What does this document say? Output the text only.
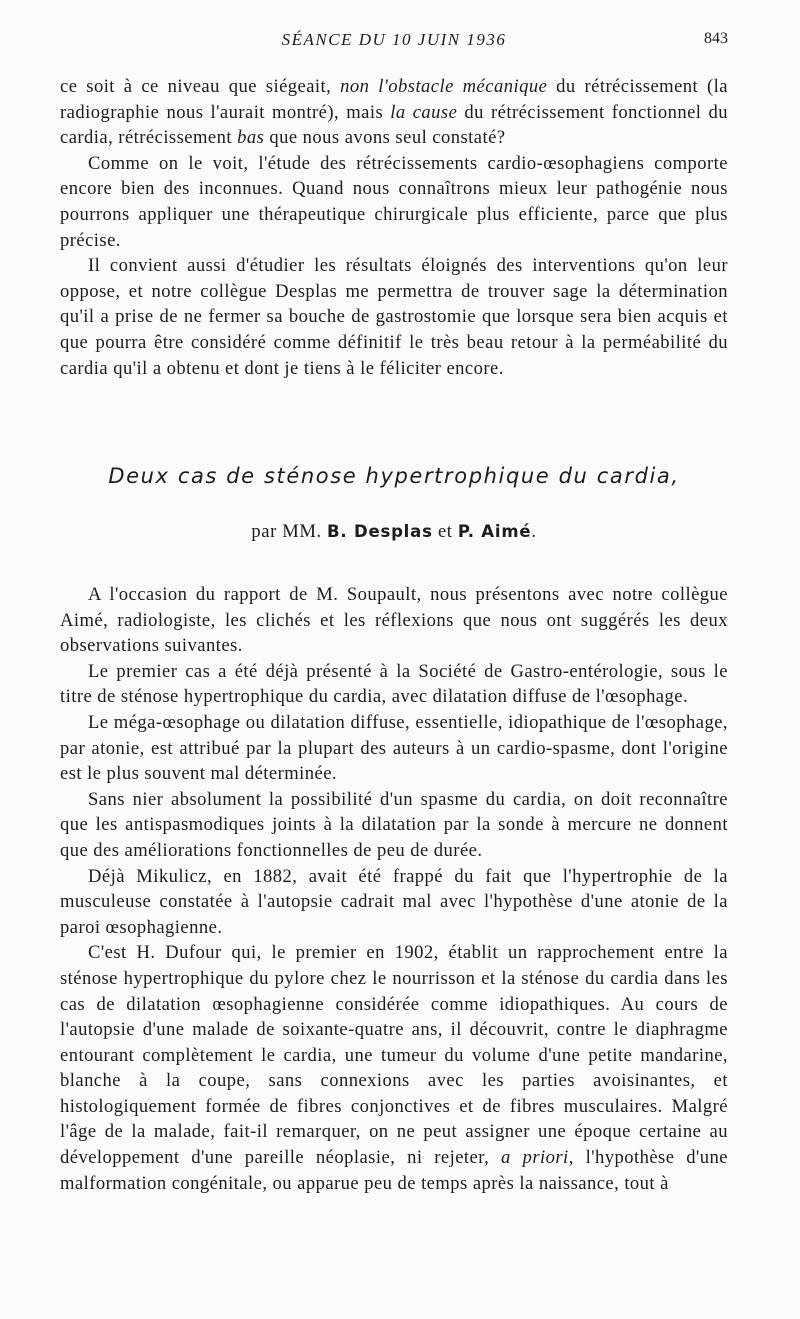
SÉANCE DU 10 JUIN 1936	843

ce soit à ce niveau que siégeait, non l'obstacle mécanique du rétrécissement (la radiographie nous l'aurait montré), mais la cause du rétrécissement fonctionnel du cardia, rétrécissement bas que nous avons seul constaté?

Comme on le voit, l'étude des rétrécissements cardio-œsophagiens comporte encore bien des inconnues. Quand nous connaîtrons mieux leur pathogénie nous pourrons appliquer une thérapeutique chirurgicale plus efficiente, parce que plus précise.

Il convient aussi d'étudier les résultats éloignés des interventions qu'on leur oppose, et notre collègue Desplas me permettra de trouver sage la détermination qu'il a prise de ne fermer sa bouche de gastrostomie que lorsque sera bien acquis et que pourra être considéré comme définitif le très beau retour à la perméabilité du cardia qu'il a obtenu et dont je tiens à le féliciter encore.

Deux cas de sténose hypertrophique du cardia,
par MM. B. Desplas et P. Aimé.

A l'occasion du rapport de M. Soupault, nous présentons avec notre collègue Aimé, radiologiste, les clichés et les réflexions que nous ont suggérés les deux observations suivantes.

Le premier cas a été déjà présenté à la Société de Gastro-entérologie, sous le titre de sténose hypertrophique du cardia, avec dilatation diffuse de l'œsophage.

Le méga-œsophage ou dilatation diffuse, essentielle, idiopathique de l'œsophage, par atonie, est attribué par la plupart des auteurs à un cardio-spasme, dont l'origine est le plus souvent mal déterminée.

Sans nier absolument la possibilité d'un spasme du cardia, on doit reconnaître que les antispasmodiques joints à la dilatation par la sonde à mercure ne donnent que des améliorations fonctionnelles de peu de durée.

Déjà Mikulicz, en 1882, avait été frappé du fait que l'hypertrophie de la musculeuse constatée à l'autopsie cadrait mal avec l'hypothèse d'une atonie de la paroi œsophagienne.

C'est H. Dufour qui, le premier en 1902, établit un rapprochement entre la sténose hypertrophique du pylore chez le nourrisson et la sténose du cardia dans les cas de dilatation œsophagienne considérée comme idiopathiques. Au cours de l'autopsie d'une malade de soixante-quatre ans, il découvrit, contre le diaphragme entourant complètement le cardia, une tumeur du volume d'une petite mandarine, blanche à la coupe, sans connexions avec les parties avoisinantes, et histologiquement formée de fibres conjonctives et de fibres musculaires. Malgré l'âge de la malade, fait-il remarquer, on ne peut assigner une époque certaine au développement d'une pareille néoplasie, ni rejeter, a priori, l'hypothèse d'une malformation congénitale, ou apparue peu de temps après la naissance, tout à
